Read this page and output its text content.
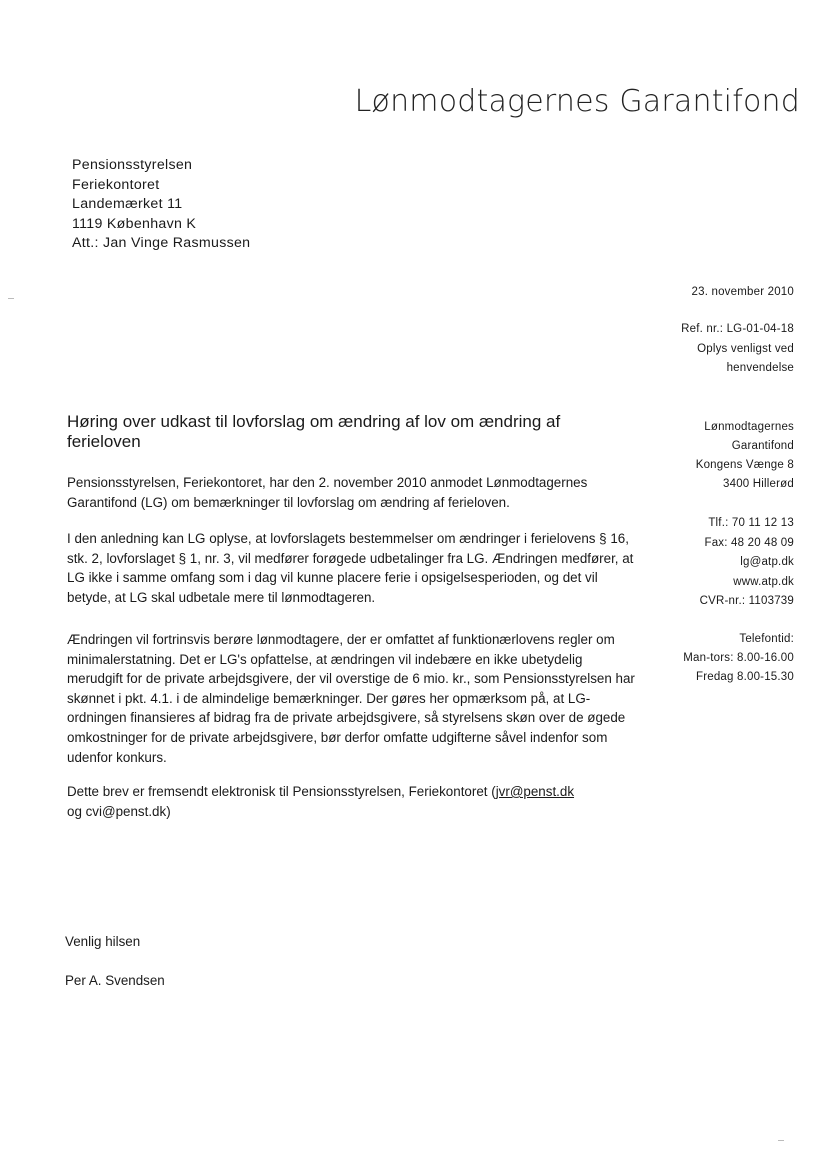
Lønmodtagernes Garantifond
Pensionsstyrelsen
Feriekontoret
Landemærket 11
1119 København K
Att.: Jan Vinge Rasmussen
23. november 2010
Ref. nr.: LG-01-04-18
Oplys venligst ved
henvendelse
Lønmodtagernes
Garantifond
Kongens Vænge 8
3400 Hillerød
Tlf.: 70 11 12 13
Fax: 48 20 48 09
lg@atp.dk
www.atp.dk
CVR-nr.: 1103739
Telefontid:
Man-tors: 8.00-16.00
Fredag 8.00-15.30
Høring over udkast til lovforslag om ændring af lov om ændring af ferieloven

Pensionsstyrelsen, Feriekontoret, har den 2. november 2010 anmodet Lønmodtagernes Garantifond (LG) om bemærkninger til lovforslag om ændring af ferieloven.

I den anledning kan LG oplyse, at lovforslagets bestemmelser om ændringer i ferielovens § 16, stk. 2, lovforslaget § 1, nr. 3, vil medfører forøgede udbetalinger fra LG. Ændringen medfører, at LG ikke i samme omfang som i dag vil kunne placere ferie i opsigelsesperioden, og det vil betyde, at LG skal udbetale mere til lønmodtageren.

Ændringen vil fortrinsvis berøre lønmodtagere, der er omfattet af funktionærlovens regler om minimalerstatning. Det er LG's opfattelse, at ændringen vil indebære en ikke ubetydelig merudgift for de private arbejdsgivere, der vil overstige de 6 mio. kr., som Pensionsstyrelsen har skønnet i pkt. 4.1. i de almindelige bemærkninger. Der gøres her opmærksom på, at LG-ordningen finansieres af bidrag fra de private arbejdsgivere, så styrelsens skøn over de øgede omkostninger for de private arbejdsgivere, bør derfor omfatte udgifterne såvel indenfor som udenfor konkurs.

Dette brev er fremsendt elektronisk til Pensionsstyrelsen, Feriekontoret (jvr@penst.dk
og cvi@penst.dk)

Venlig hilsen
Per A. Svendsen
